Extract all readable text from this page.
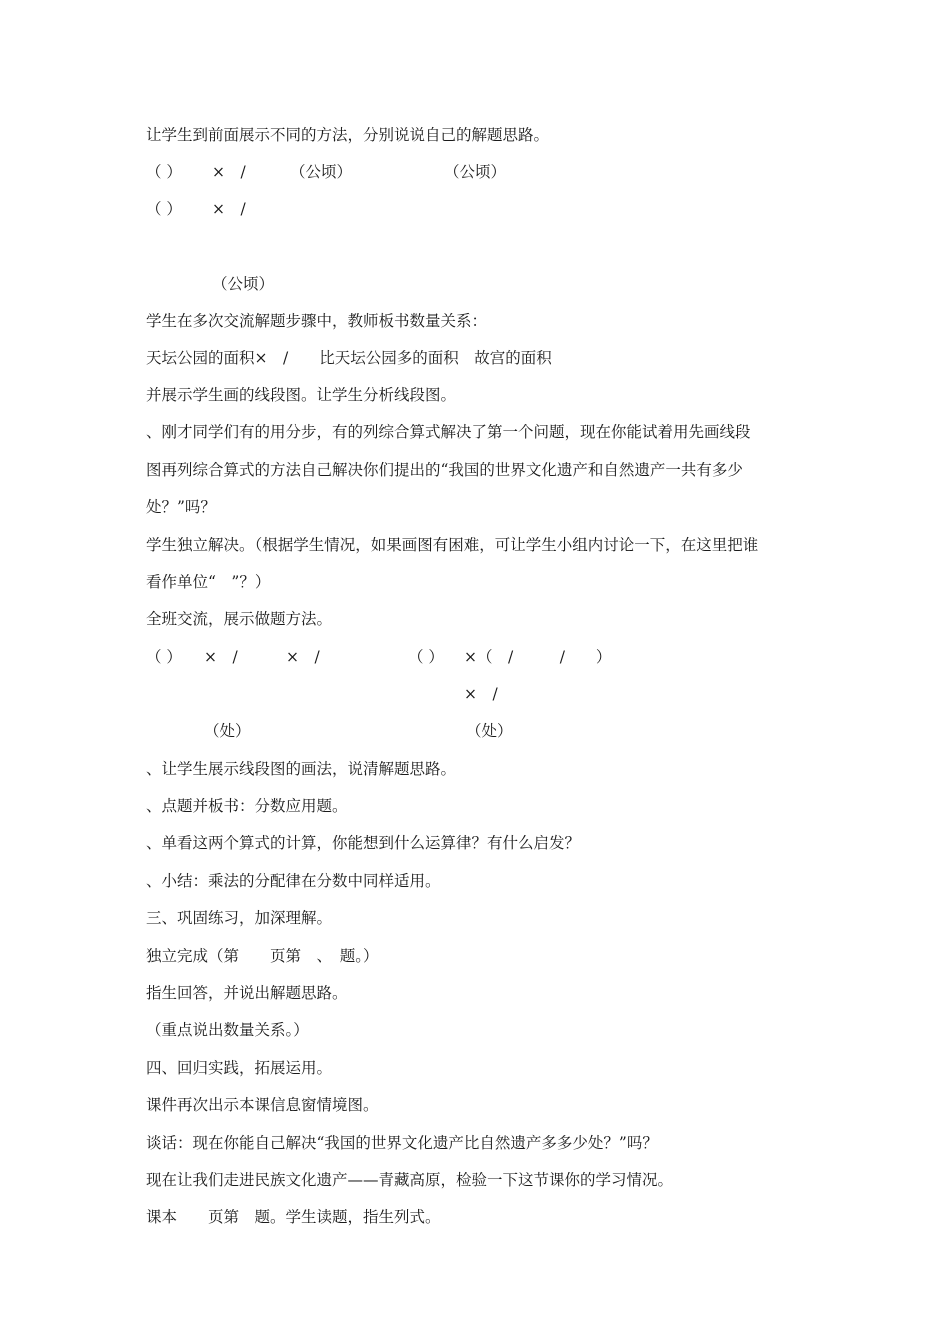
让学生到前面展示不同的方法，分别说说自己的解题思路。
（ ） ×　/	（公顷）	（公顷）
（ ） ×　/
（公顷）
学生在多次交流解题步骤中，教师板书数量关系：
天坛公园的面积×　/　　比天坛公园多的面积　故宫的面积
并展示学生画的线段图。让学生分析线段图。
、刚才同学们有的用分步，有的列综合算式解决了第一个问题，现在你能试着用先画线段
图再列综合算式的方法自己解决你们提出的“我国的世界文化遗产和自然遗产一共有多少
处？”吗？
学生独立解决。（根据学生情况，如果画图有困难，可让学生小组内讨论一下，在这里把谁
看作单位“　”？）
全班交流，展示做题方法。
（ ） ×　/	×　/	（ ） ×（　/　　　/　　）
×　/
（处）	（处）
、让学生展示线段图的画法，说清解题思路。
、点题并板书：分数应用题。
、单看这两个算式的计算，你能想到什么运算律？有什么启发？
、小结：乘法的分配律在分数中同样适用。
三、巩固练习，加深理解。
独立完成（第　　页第　、　题。）
指生回答，并说出解题思路。
（重点说出数量关系。）
四、回归实践，拓展运用。
课件再次出示本课信息窗情境图。
谈话：现在你能自己解决“我国的世界文化遗产比自然遗产多多少处？”吗？
现在让我们走进民族文化遗产——青藏高原，检验一下这节课你的学习情况。
课本　　页第　题。学生读题，指生列式。
